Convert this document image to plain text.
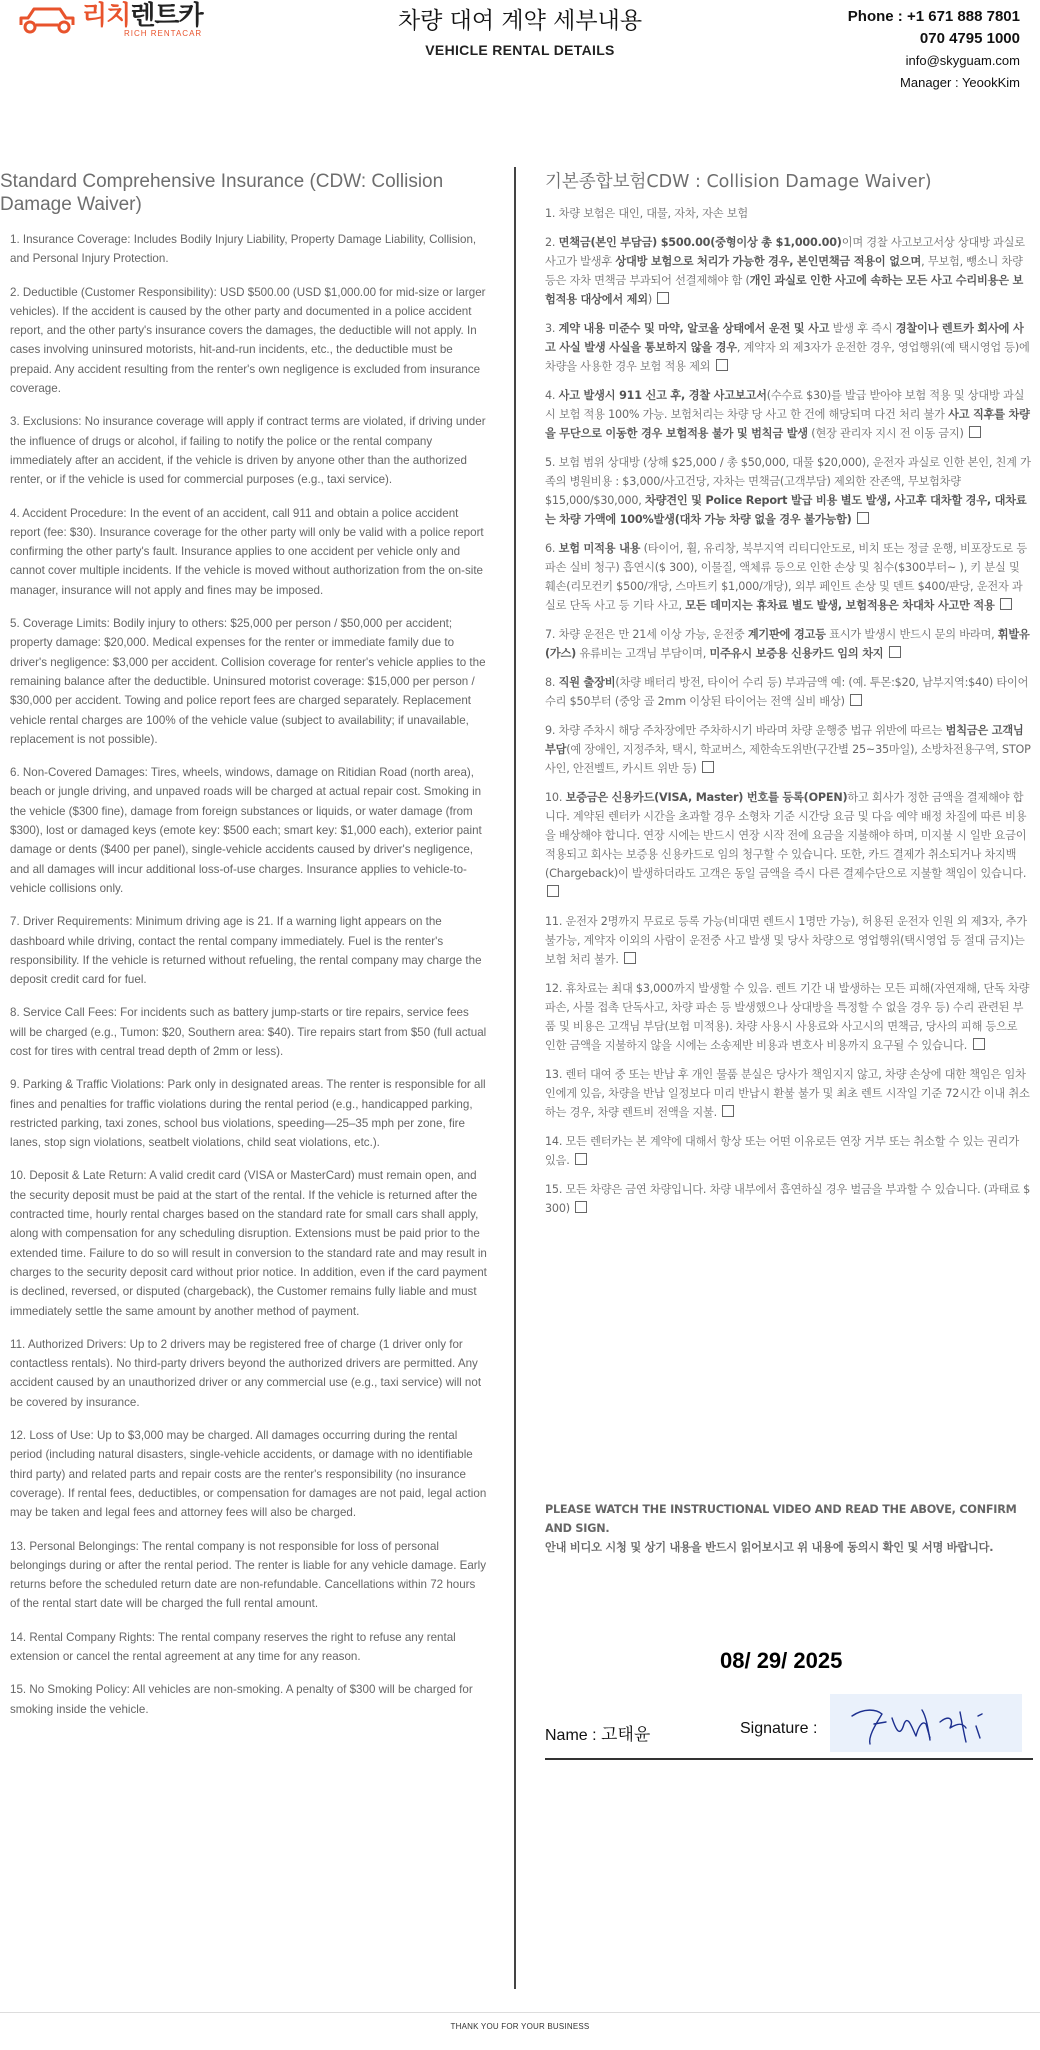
리치렌트카
RICH RENTACAR	차량 대여 계약 세부내용
VEHICLE RENTAL DETAILS
Phone : +1 671 888 7801
070 4795 1000
info@skyguam.com
Manager : YeookKim
Standard Comprehensive Insurance (CDW: Collision Damage Waiver)

1. Insurance Coverage: Includes Bodily Injury Liability, Property Damage Liability, Collision, and Personal Injury Protection.

2. Deductible (Customer Responsibility): USD $500.00 (USD $1,000.00 for mid-size or larger vehicles). If the accident is caused by the other party and documented in a police accident report, and the other party's insurance covers the damages, the deductible will not apply. In cases involving uninsured motorists, hit-and-run incidents, etc., the deductible must be prepaid. Any accident resulting from the renter's own negligence is excluded from insurance coverage.

3. Exclusions: No insurance coverage will apply if contract terms are violated, if driving under the influence of drugs or alcohol, if failing to notify the police or the rental company immediately after an accident, if the vehicle is driven by anyone other than the authorized renter, or if the vehicle is used for commercial purposes (e.g., taxi service).

4. Accident Procedure: In the event of an accident, call 911 and obtain a police accident report (fee: $30). Insurance coverage for the other party will only be valid with a police report confirming the other party's fault. Insurance applies to one accident per vehicle only and cannot cover multiple incidents. If the vehicle is moved without authorization from the on-site manager, insurance will not apply and fines may be imposed.

5. Coverage Limits: Bodily injury to others: $25,000 per person / $50,000 per accident; property damage: $20,000. Medical expenses for the renter or immediate family due to driver's negligence: $3,000 per accident. Collision coverage for renter's vehicle applies to the remaining balance after the deductible. Uninsured motorist coverage: $15,000 per person / $30,000 per accident. Towing and police report fees are charged separately. Replacement vehicle rental charges are 100% of the vehicle value (subject to availability; if unavailable, replacement is not possible).

6. Non-Covered Damages: Tires, wheels, windows, damage on Ritidian Road (north area), beach or jungle driving, and unpaved roads will be charged at actual repair cost. Smoking in the vehicle ($300 fine), damage from foreign substances or liquids, or water damage (from $300), lost or damaged keys (emote key: $500 each; smart key: $1,000 each), exterior paint damage or dents ($400 per panel), single-vehicle accidents caused by driver's negligence, and all damages will incur additional loss-of-use charges. Insurance applies to vehicle-to-vehicle collisions only.

7. Driver Requirements: Minimum driving age is 21. If a warning light appears on the dashboard while driving, contact the rental company immediately. Fuel is the renter's responsibility. If the vehicle is returned without refueling, the rental company may charge the deposit credit card for fuel.

8. Service Call Fees: For incidents such as battery jump-starts or tire repairs, service fees will be charged (e.g., Tumon: $20, Southern area: $40). Tire repairs start from $50 (full actual cost for tires with central tread depth of 2mm or less).

9. Parking & Traffic Violations: Park only in designated areas. The renter is responsible for all fines and penalties for traffic violations during the rental period (e.g., handicapped parking, restricted parking, taxi zones, school bus violations, speeding—25–35 mph per zone, fire lanes, stop sign violations, seatbelt violations, child seat violations, etc.).

10. Deposit & Late Return: A valid credit card (VISA or MasterCard) must remain open, and the security deposit must be paid at the start of the rental. If the vehicle is returned after the contracted time, hourly rental charges based on the standard rate for small cars shall apply, along with compensation for any scheduling disruption. Extensions must be paid prior to the extended time. Failure to do so will result in conversion to the standard rate and may result in charges to the security deposit card without prior notice. In addition, even if the card payment is declined, reversed, or disputed (chargeback), the Customer remains fully liable and must immediately settle the same amount by another method of payment.

11. Authorized Drivers: Up to 2 drivers may be registered free of charge (1 driver only for contactless rentals). No third-party drivers beyond the authorized drivers are permitted. Any accident caused by an unauthorized driver or any commercial use (e.g., taxi service) will not be covered by insurance.

12. Loss of Use: Up to $3,000 may be charged. All damages occurring during the rental period (including natural disasters, single-vehicle accidents, or damage with no identifiable third party) and related parts and repair costs are the renter's responsibility (no insurance coverage). If rental fees, deductibles, or compensation for damages are not paid, legal action may be taken and legal fees and attorney fees will also be charged.

13. Personal Belongings: The rental company is not responsible for loss of personal belongings during or after the rental period. The renter is liable for any vehicle damage. Early returns before the scheduled return date are non-refundable. Cancellations within 72 hours of the rental start date will be charged the full rental amount.

14. Rental Company Rights: The rental company reserves the right to refuse any rental extension or cancel the rental agreement at any time for any reason.

15. No Smoking Policy: All vehicles are non-smoking. A penalty of $300 will be charged for smoking inside the vehicle.

기본종합보험CDW : Collision Damage Waiver)

1. 차량 보험은 대인, 대물, 자차, 자손 보험

2. 면책금(본인 부담금) $500.00(중형이상 총 $1,000.00)이며 경찰 사고보고서상 상대방 과실로 사고가 발생후 상대방 보험으로 처리가 가능한 경우, 본인면책금 적용이 없으며, 무보험, 뺑소니 차량 등은 자차 면책금 부과되어 선결제해야 함 (개인 과실로 인한 사고에 속하는 모든 사고 수리비용은 보험적용 대상에서 제외)

3. 계약 내용 미준수 및 마약, 알코올 상태에서 운전 및 사고 발생 후 즉시 경찰이나 렌트카 회사에 사고 사실 발생 사실을 통보하지 않을 경우, 계약자 외 제3자가 운전한 경우, 영업행위(예 택시영업 등)에 차량을 사용한 경우 보험 적용 제외

4. 사고 발생시 911 신고 후, 경찰 사고보고서(수수료 $30)를 발급 받아야 보험 적용 및 상대방 과실 시 보험 적용 100% 가능. 보험처리는 차량 당 사고 한 건에 해당되며 다건 처리 불가 사고 직후를 차량을 무단으로 이동한 경우 보험적용 불가 및 범칙금 발생 (현장 관리자 지시 전 이동 금지)

5. 보험 범위 상대방 (상해 $25,000 / 총 $50,000, 대물 $20,000), 운전자 과실로 인한 본인, 친계 가족의 병원비용 : $3,000/사고건당, 자차는 면책금(고객부담) 제외한 잔존액, 무보험차량 $15,000/$30,000, 차량견인 및 Police Report 발급 비용 별도 발생, 사고후 대차할 경우, 대차료는 차량 가액에 100%발생(대차 가능 차량 없을 경우 불가능함)

6. 보험 미적용 내용 (타이어, 휠, 유리창, 북부지역 리티디안도로, 비치 또는 정글 운행, 비포장도로 등 파손 실비 청구) 흡연시($ 300), 이물질, 액체류 등으로 인한 손상 및 침수($300부터~ ), 키 분실 및 훼손(리모컨키 $500/개당, 스마트키 $1,000/개당), 외부 페인트 손상 및 덴트 $400/판당, 운전자 과실로 단독 사고 등 기타 사고, 모든 데미지는 휴차료 별도 발생, 보험적용은 차대차 사고만 적용

7. 차량 운전은 만 21세 이상 가능, 운전중 계기판에 경고등 표시가 발생시 반드시 문의 바라며, 휘발유(가스) 유류비는 고객님 부담이며, 미주유시 보증용 신용카드 임의 차지

8. 직원 출장비(차량 배터리 방전, 타이어 수리 등) 부과금액 예: (예. 투몬:$20, 남부지역:$40) 타이어 수리 $50부터 (중앙 골 2mm 이상된 타이어는 전액 실비 배상)

9. 차량 주차시 해당 주차장에만 주차하시기 바라며 차량 운행중 법규 위반에 따르는 범칙금은 고객님 부담(예 장애인, 지정주차, 택시, 학교버스, 제한속도위반(구간별 25~35마일), 소방차전용구역, STOP사인, 안전벨트, 카시트 위반 등)

10. 보증금은 신용카드(VISA, Master) 번호를 등록(OPEN)하고 회사가 정한 금액을 결제해야 합니다. 계약된 렌터카 시간을 초과할 경우 소형차 기준 시간당 요금 및 다음 예약 배정 차질에 따른 비용을 배상해야 합니다. 연장 시에는 반드시 연장 시작 전에 요금을 지불해야 하며, 미지불 시 일반 요금이 적용되고 회사는 보증용 신용카드로 임의 청구할 수 있습니다. 또한, 카드 결제가 취소되거나 차지백(Chargeback)이 발생하더라도 고객은 동일 금액을 즉시 다른 결제수단으로 지불할 책임이 있습니다.

11. 운전자 2명까지 무료로 등록 가능(비대면 렌트시 1명만 가능), 허용된 운전자 인원 외 제3자, 추가 불가능, 계약자 이외의 사람이 운전중 사고 발생 및 당사 차량으로 영업행위(택시영업 등 절대 금지)는 보험 처리 불가.

12. 휴차료는 최대 $3,000까지 발생할 수 있음. 렌트 기간 내 발생하는 모든 피해(자연재해, 단독 차량 파손, 사물 접촉 단독사고, 차량 파손 등 발생했으나 상대방을 특정할 수 없을 경우 등) 수리 관련된 부품 및 비용은 고객님 부담(보험 미적용). 차량 사용시 사용료와 사고시의 면책금, 당사의 피해 등으로 인한 금액을 지불하지 않을 시에는 소송제반 비용과 변호사 비용까지 요구될 수 있습니다.

13. 렌터 대여 중 또는 반납 후 개인 물품 분실은 당사가 책임지지 않고, 차량 손상에 대한 책임은 임차인에게 있음, 차량을 반납 일정보다 미리 반납시 환불 불가 및 최초 렌트 시작일 기준 72시간 이내 취소하는 경우, 차량 렌트비 전액을 지불.

14. 모든 렌터카는 본 계약에 대해서 항상 또는 어떤 이유로든 연장 거부 또는 취소할 수 있는 권리가 있음.

15. 모든 차량은 금연 차량입니다. 차량 내부에서 흡연하실 경우 벌금을 부과할 수 있습니다. (과태료 $ 300)

PLEASE WATCH THE INSTRUCTIONAL VIDEO AND READ THE ABOVE, CONFIRM AND SIGN.
안내 비디오 시청 및 상기 내용을 반드시 읽어보시고 위 내용에 동의시 확인 및 서명 바랍니다.
08/ 29/ 2025
Name : 고태윤	Signature :
THANK YOU FOR YOUR BUSINESS
